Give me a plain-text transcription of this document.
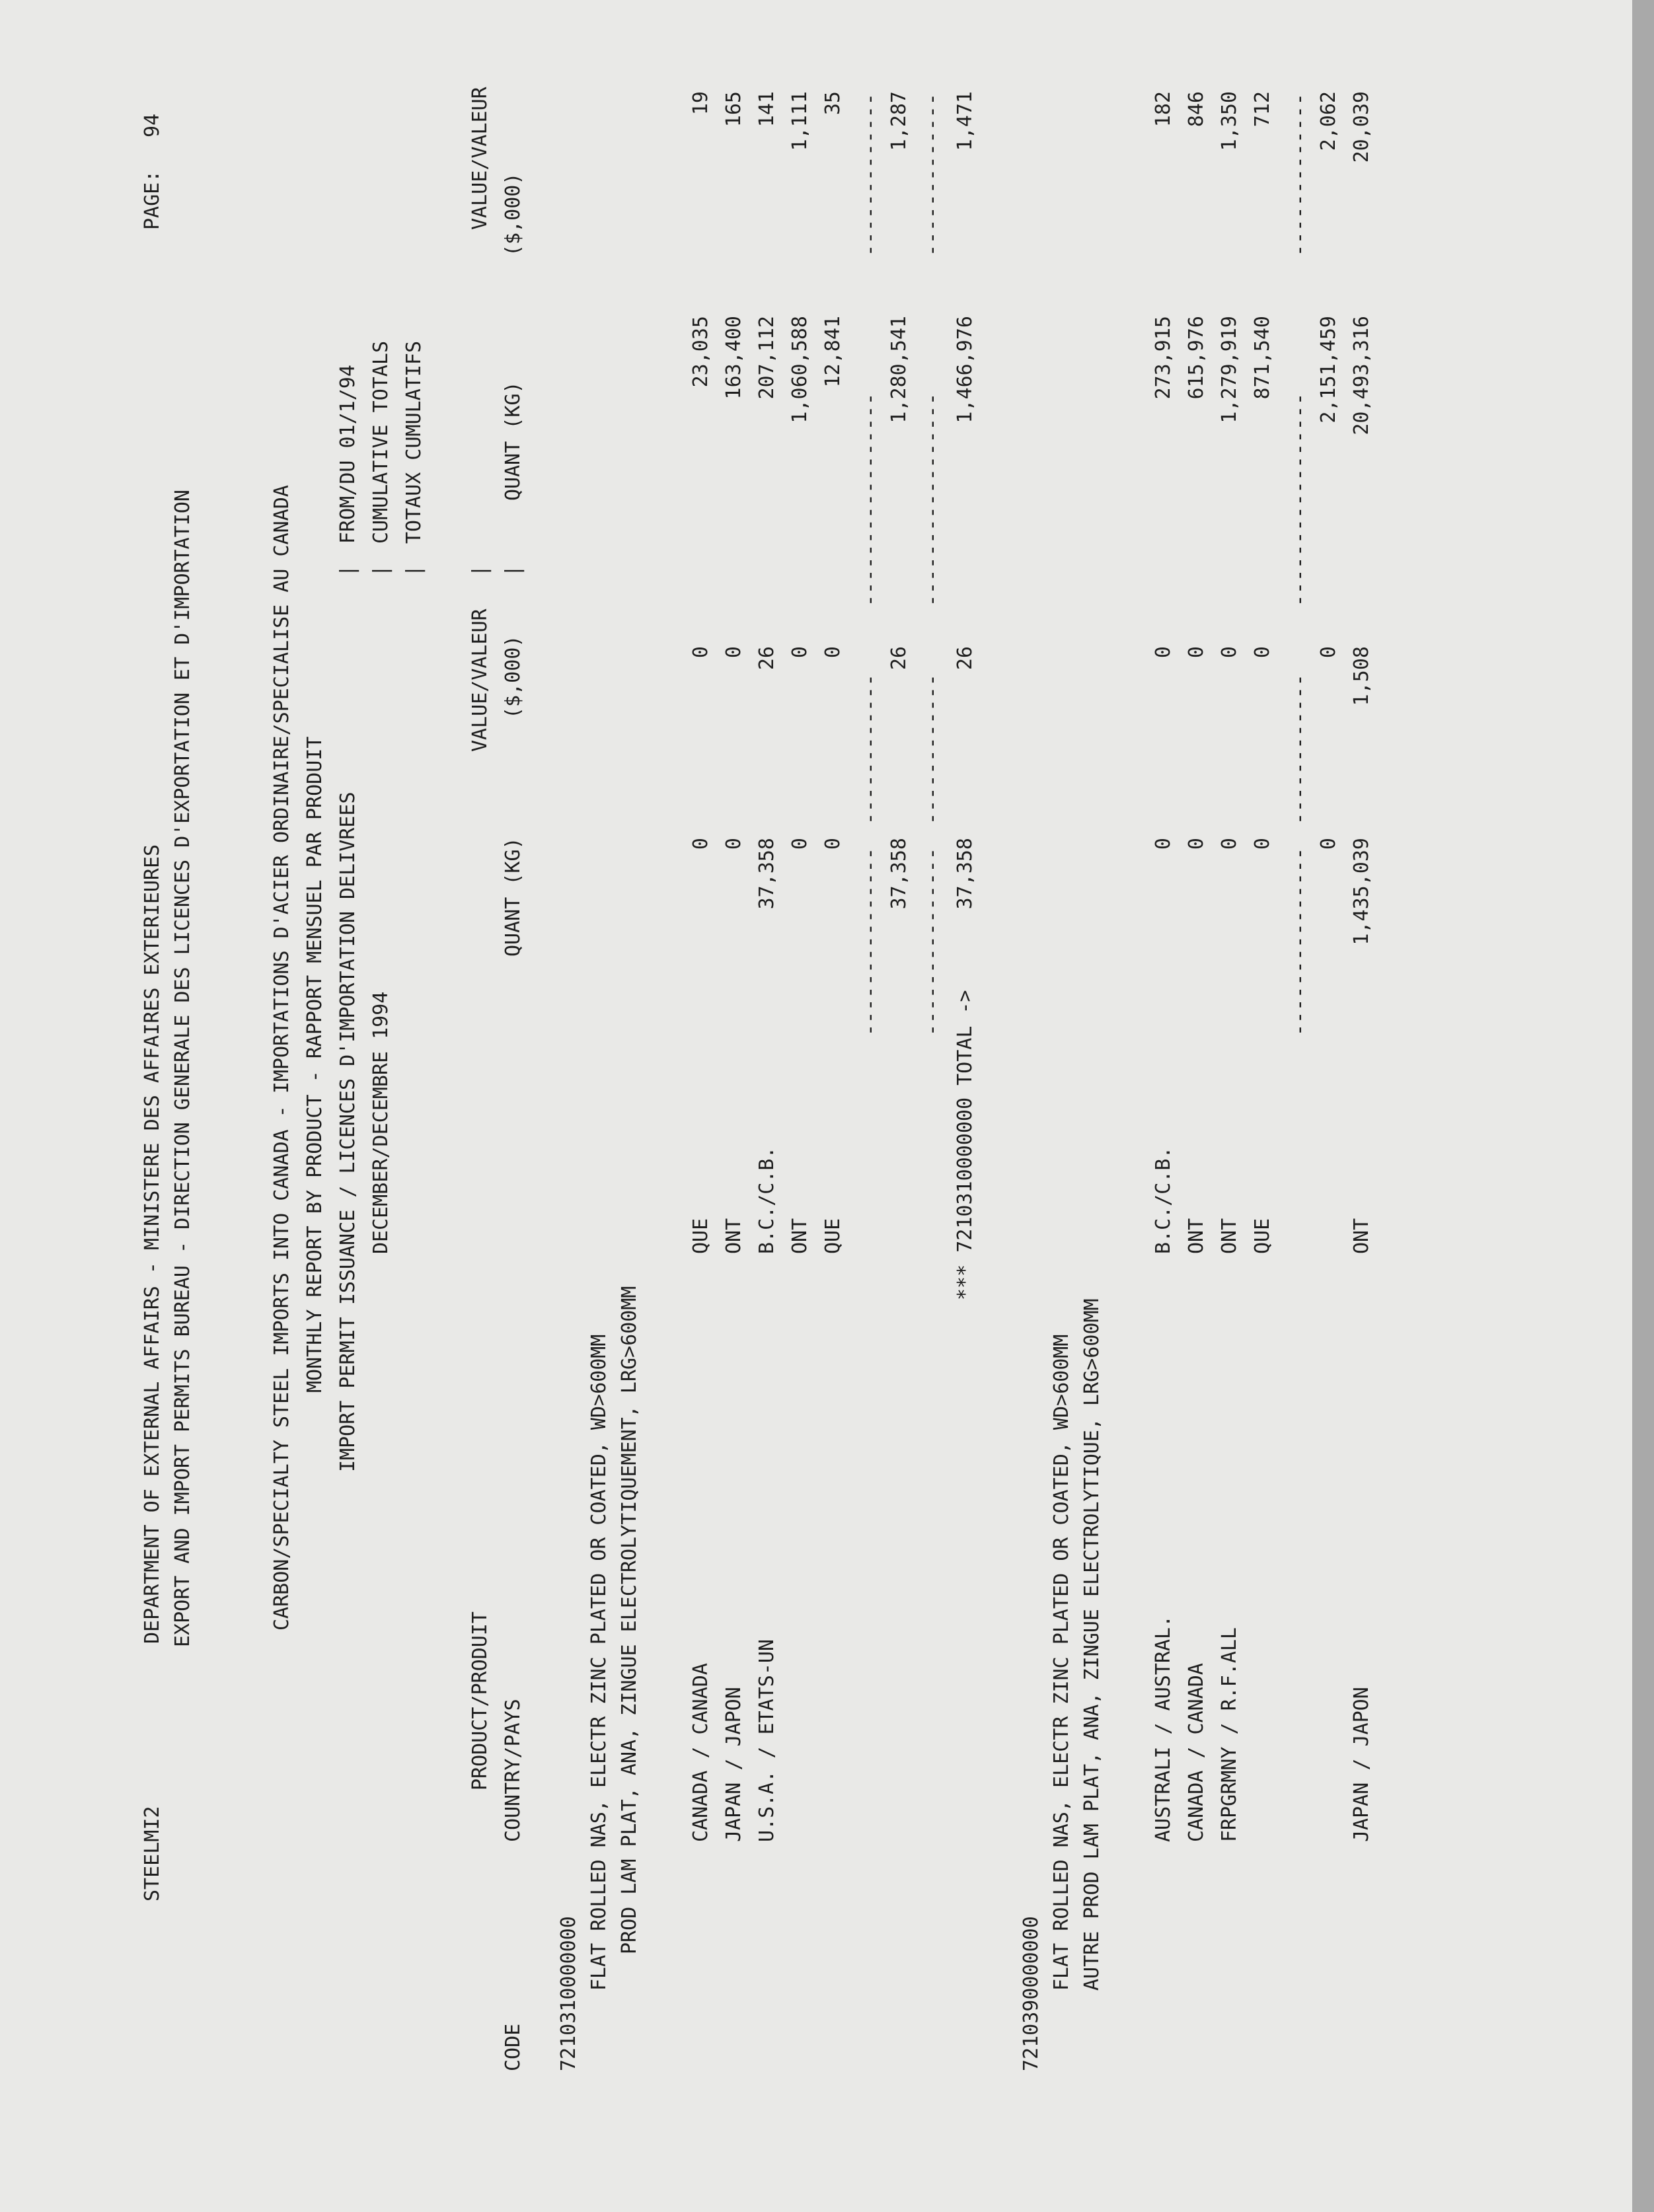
STEELMI2

DEPARTMENT OF EXTERNAL AFFAIRS - MINISTERE DES AFFAIRES EXTERIEURES

PAGE:

94

EXPORT AND IMPORT PERMITS BUREAU - DIRECTION GENERALE DES LICENCES D'EXPORTATION ET D'IMPORTATION

	CARBON/SPECIALTY STEEL IMPORTS INTO CANADA - IMPORTATIONS D'ACIER ORDINAIRE/SPECIALISE AU CANADA

MONTHLY REPORT BY PRODUCT - RAPPORT MENSUEL PAR PRODUIT

IMPORT PERMIT ISSUANCE / LICENCES D'IMPORTATION DELIVREES

|

FROM/DU 01/1/94

DECEMBER/DECEMBRE 1994

|

CUMULATIVE TOTALS

|

TOTAUX CUMULATIFS

PRODUCT/PRODUIT

VALUE/VALEUR

|

VALUE/VALEUR

CODE

COUNTRY/PAYS

QUANT (KG)

($,000)

|

QUANT (KG)

($,000)

7210310000000

FLAT ROLLED NAS, ELECTR ZINC PLATED OR COATED, WD>600MM

PROD LAM PLAT, ANA, ZINGUE ELECTROLYTIQUEMENT, LRG>600MM

CANADA / CANADA

QUE

0

0

23,035

19

JAPAN / JAPON

ONT

0

0

163,400

165

U.S.A. / ETATS-UN

B.C./C.B.

37,358

26

207,112

141

ONT

0

0

1,060,588

1,111

QUE

0

0

12,841

35

---------------

------------

-----------------

-------------

37,358

26

1,280,541

1,287

---------------

------------

-----------------

-------------

*** 7210310000000 TOTAL ->

37,358

26

1,466,976

1,471

7210390000000

FLAT ROLLED NAS, ELECTR ZINC PLATED OR COATED, WD>600MM

AUTRE PROD LAM PLAT, ANA, ZINGUE ELECTROLYTIQUE, LRG>600MM

AUSTRALI / AUSTRAL.

B.C./C.B.

0

0

273,915

182

CANADA / CANADA

ONT

0

0

615,976

846

FRPGRMNY / R.F.ALL

ONT

0

0

1,279,919

1,350

QUE

0

0

871,540

712

---------------

------------

-----------------

-------------

0

0

2,151,459

2,062

JAPAN / JAPON

ONT

1,435,039

1,508

20,493,316

20,039
